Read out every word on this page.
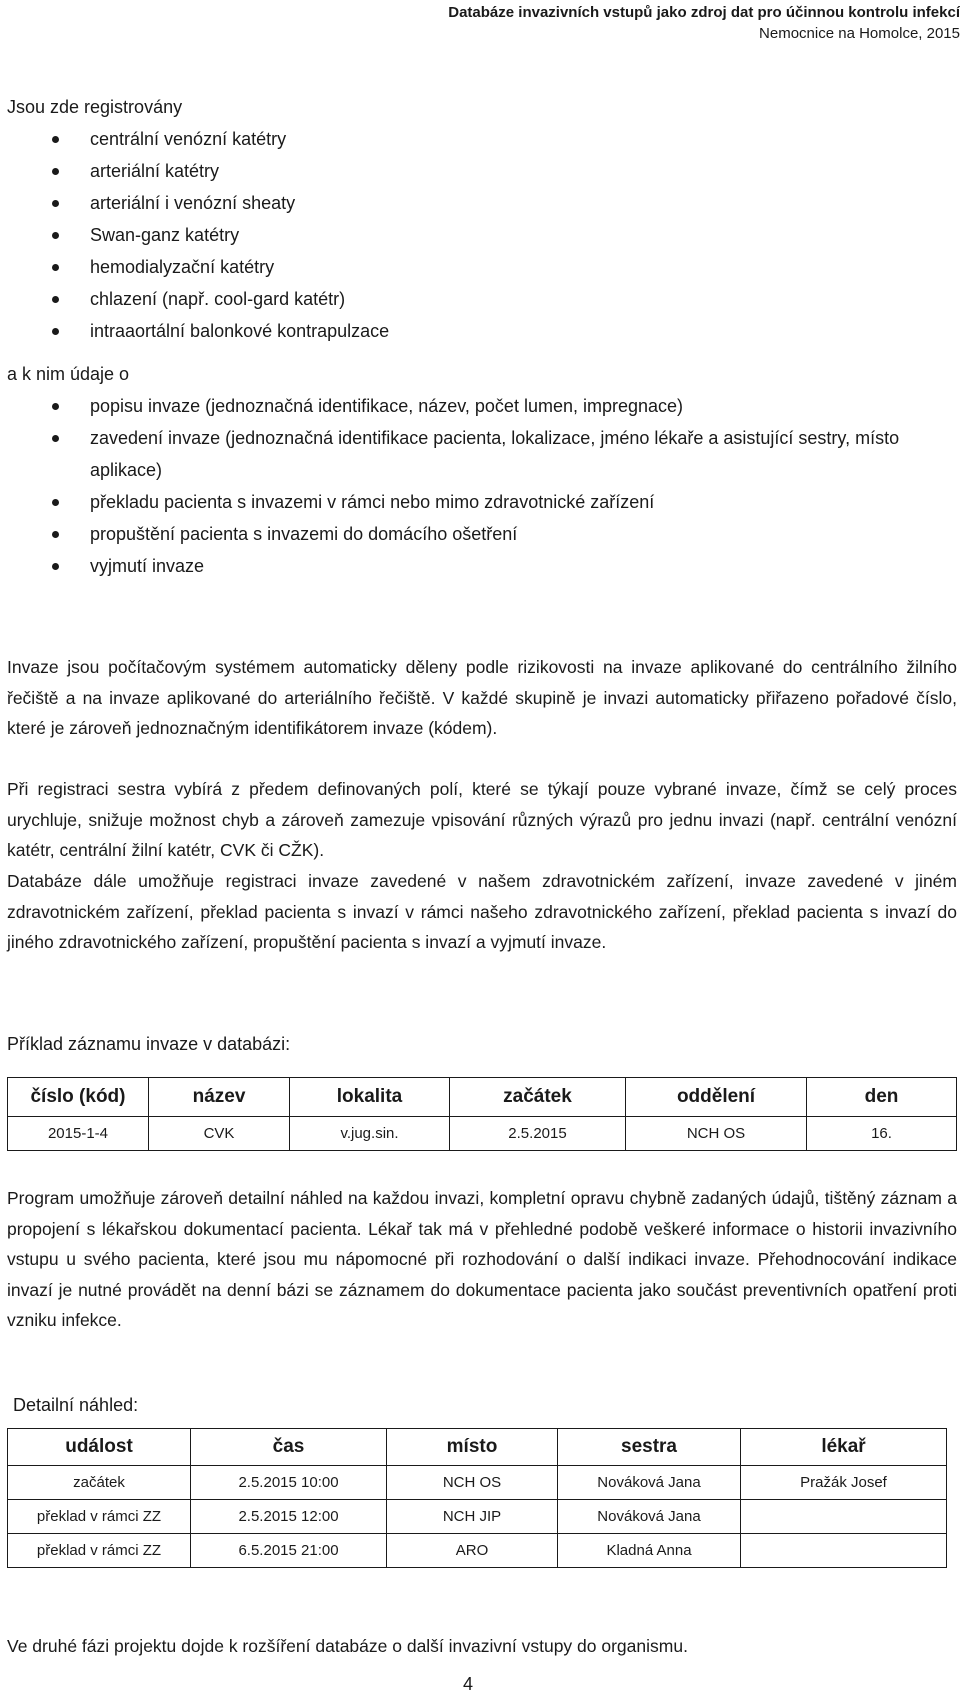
Databáze invazivních vstupů jako zdroj dat pro účinnou kontrolu infekcí
Nemocnice na Homolce, 2015
Jsou zde registrovány
centrální venózní katétry
arteriální katétry
arteriální i venózní sheaty
Swan-ganz katétry
hemodialyzační katétry
chlazení (např. cool-gard katétr)
intraaortální balonkové kontrapulzace
a k nim údaje o
popisu invaze (jednoznačná identifikace, název, počet lumen, impregnace)
zavedení invaze (jednoznačná identifikace pacienta, lokalizace, jméno lékaře a asistující sestry, místo aplikace)
překladu pacienta s invazemi v rámci nebo mimo zdravotnické zařízení
propuštění pacienta s invazemi do domácího ošetření
vyjmutí invaze

Invaze jsou počítačovým systémem automaticky děleny podle rizikovosti na invaze aplikované do centrálního žilního řečiště a na invaze aplikované do arteriálního řečiště. V každé skupině je invazi automaticky přiřazeno pořadové číslo, které je zároveň jednoznačným identifikátorem invaze (kódem).

Při registraci sestra vybírá z předem definovaných polí, které se týkají pouze vybrané invaze, čímž se celý proces urychluje, snižuje možnost chyb a zároveň zamezuje vpisování různých výrazů pro jednu invazi (např. centrální venózní katétr, centrální žilní katétr, CVK či CŽK).

Databáze dále umožňuje registraci invaze zavedené v našem zdravotnickém zařízení, invaze zavedené v jiném zdravotnickém zařízení, překlad pacienta s invazí v rámci našeho zdravotnického zařízení, překlad pacienta s invazí do jiného zdravotnického zařízení, propuštění pacienta s invazí a vyjmutí invaze.

Příklad záznamu invaze v databázi:
číslo (kód)	název	lokalita	začátek	oddělení	den
2015-1-4	CVK	v.jug.sin.	2.5.2015	NCH OS	16.

Program umožňuje zároveň detailní náhled na každou invazi, kompletní opravu chybně zadaných údajů, tištěný záznam a propojení s lékařskou dokumentací pacienta. Lékař tak má v přehledné podobě veškeré informace o historii invazivního vstupu u svého pacienta, které jsou mu nápomocné při rozhodování o další indikaci invaze. Přehodnocování indikace invazí je nutné provádět na denní bázi se záznamem do dokumentace pacienta jako součást preventivních opatření proti vzniku infekce.

Detailní náhled:
událost	čas	místo	sestra	lékař
začátek	2.5.2015 10:00	NCH OS	Nováková Jana	Pražák Josef
překlad v rámci ZZ	2.5.2015 12:00	NCH JIP	Nováková Jana	
překlad v rámci ZZ	6.5.2015 21:00	ARO	Kladná Anna	

Ve druhé fázi projektu dojde k rozšíření databáze o další invazivní vstupy do organismu.

4
